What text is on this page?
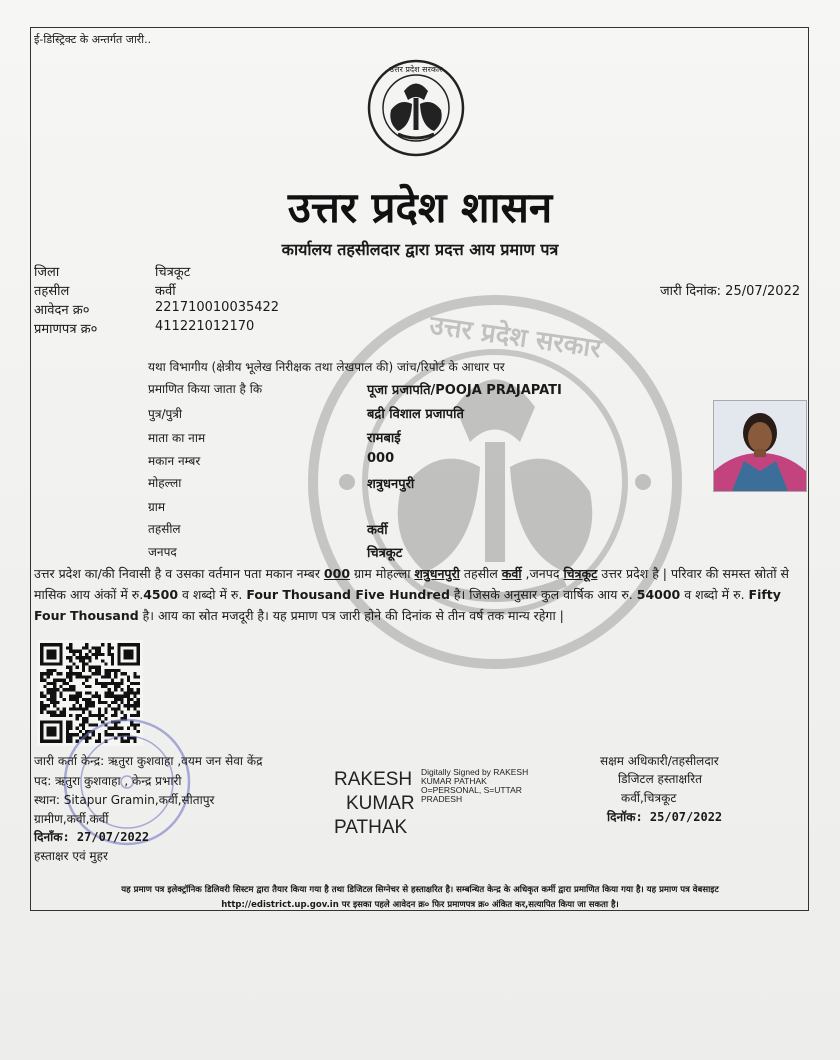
उत्तर प्रदेश सरकार
ई-डिस्ट्रिक्ट के अन्तर्गत जारी..
उत्तर प्रदेश सरकार
उत्तर प्रदेश शासन
कार्यालय तहसीलदार द्वारा प्रदत्त आय प्रमाण पत्र
जिला	चित्रकूट
तहसील	कर्वी
आवेदन क्र०	221710010035422
प्रमाणपत्र क्र०	411221012170
जारी दिनांक: 25/07/2022
यथा विभागीय (क्षेत्रीय भूलेख निरीक्षक तथा लेखपाल की) जांच/रिपोर्ट के आधार पर
प्रमाणित किया जाता है कि	पूजा प्रजापति/POOJA PRAJAPATI
पुत्र/पुत्री	बद्री विशाल प्रजापति
माता का नाम	रामबाई
मकान नम्बर	000
मोहल्ला	शत्रुधनपुरी
ग्राम
तहसील	कर्वी
जनपद	चित्रकूट
उत्तर प्रदेश का/की निवासी है व उसका वर्तमान पता मकान नम्बर 000 ग्राम मोहल्ला शत्रुधनपुरी तहसील कर्वी ,जनपद चित्रकूट उत्तर प्रदेश है | परिवार की समस्त स्रोतों से मासिक आय अंकों में रु.4500 व शब्दो में रु. Four Thousand Five Hundred है। जिसके अनुसार कुल वार्षिक आय रु. 54000 व शब्दो में रु. Fifty Four Thousand है। आय का स्रोत मजदूरी है। यह प्रमाण पत्र जारी होने की दिनांक से तीन वर्ष तक मान्य रहेगा |
जारी कर्ता केन्द्र: ऋतुरा कुशवाहा ,वयम जन सेवा केंद्र
पद: ऋतुरा कुशवाहा , केन्द्र प्रभारी
स्थान: Sitapur Gramin,कर्वी,सीतापुर
ग्रामीण,कर्वी,कर्वी
दिनाँक: 27/07/2022
हस्ताक्षर एवं मुहर
RAKESH
KUMAR
PATHAK
Digitally Signed by RAKESH
KUMAR PATHAK
O=PERSONAL, S=UTTAR
PRADESH
सक्षम अधिकारी/तहसीलदार
डिजिटल हस्ताक्षरित
कर्वी,चित्रकूट
दिनॉक: 25/07/2022
यह प्रमाण पत्र इलेक्ट्रॉनिक डिलिवरी सिस्टम द्वारा तैयार किया गया है तथा डिजिटल सिग्नेचर से हस्ताक्षरित है। सम्बन्धित केन्द्र के अधिकृत कर्मी द्वारा प्रमाणित किया गया है। यह प्रमाण पत्र वेबसाइट
http://edistrict.up.gov.in पर इसका पहले आवेदन क्र० फिर प्रमाणपत्र क्र० अंकित कर,सत्यापित किया जा सकता है।
